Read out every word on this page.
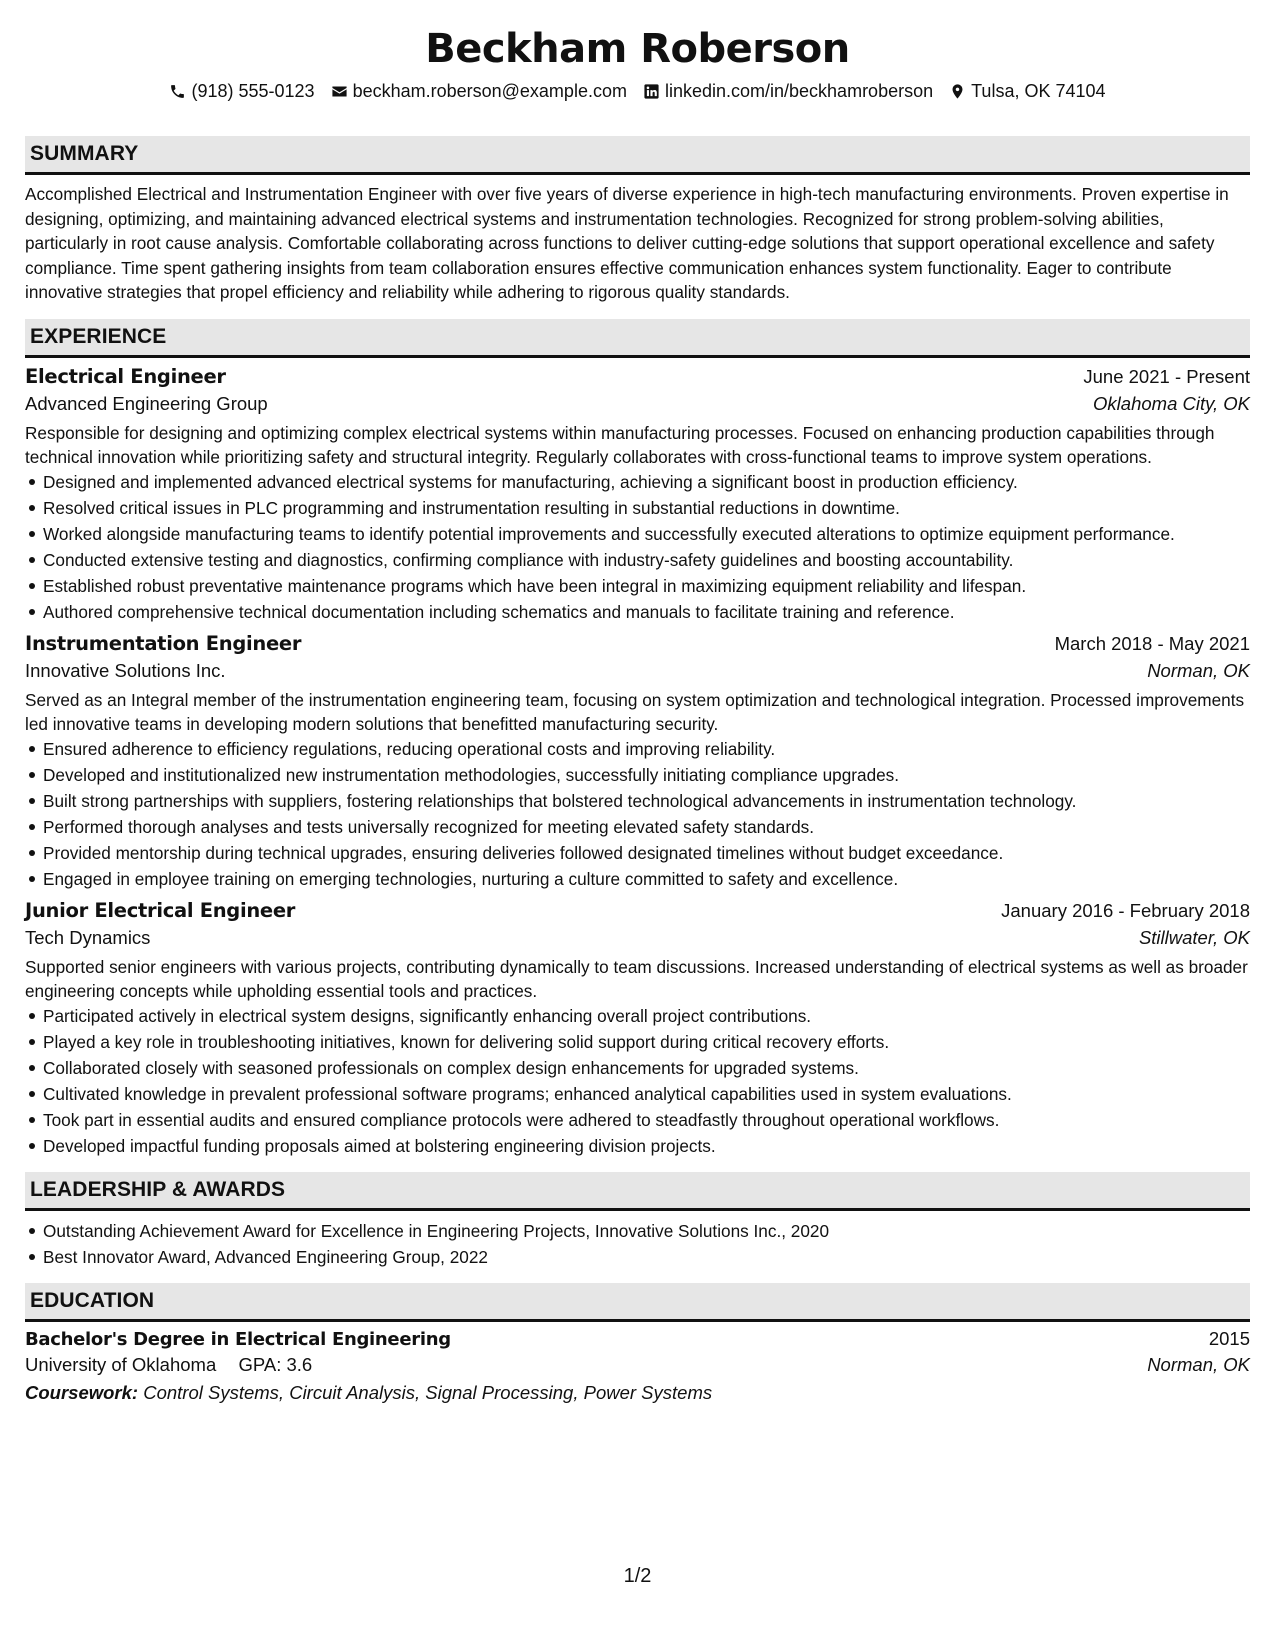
Beckham Roberson
(918) 555-0123 beckham.roberson@example.com linkedin.com/in/beckhamroberson Tulsa, OK 74104
SUMMARY

Accomplished Electrical and Instrumentation Engineer with over five years of diverse experience in high-tech manufacturing environments. Proven expertise in designing, optimizing, and maintaining advanced electrical systems and instrumentation technologies. Recognized for strong problem-solving abilities, particularly in root cause analysis. Comfortable collaborating across functions to deliver cutting-edge solutions that support operational excellence and safety compliance. Time spent gathering insights from team collaboration ensures effective communication enhances system functionality. Eager to contribute innovative strategies that propel efficiency and reliability while adhering to rigorous quality standards.

EXPERIENCE
Electrical Engineer	June 2021 - Present
Advanced Engineering Group	Oklahoma City, OK

Responsible for designing and optimizing complex electrical systems within manufacturing processes. Focused on enhancing production capabilities through technical innovation while prioritizing safety and structural integrity. Regularly collaborates with cross-functional teams to improve system operations.

Designed and implemented advanced electrical systems for manufacturing, achieving a significant boost in production efficiency.
Resolved critical issues in PLC programming and instrumentation resulting in substantial reductions in downtime.
Worked alongside manufacturing teams to identify potential improvements and successfully executed alterations to optimize equipment performance.
Conducted extensive testing and diagnostics, confirming compliance with industry-safety guidelines and boosting accountability.
Established robust preventative maintenance programs which have been integral in maximizing equipment reliability and lifespan.
Authored comprehensive technical documentation including schematics and manuals to facilitate training and reference.
Instrumentation Engineer	March 2018 - May 2021
Innovative Solutions Inc.	Norman, OK

Served as an Integral member of the instrumentation engineering team, focusing on system optimization and technological integration. Processed improvements led innovative teams in developing modern solutions that benefitted manufacturing security.

Ensured adherence to efficiency regulations, reducing operational costs and improving reliability.
Developed and institutionalized new instrumentation methodologies, successfully initiating compliance upgrades.
Built strong partnerships with suppliers, fostering relationships that bolstered technological advancements in instrumentation technology.
Performed thorough analyses and tests universally recognized for meeting elevated safety standards.
Provided mentorship during technical upgrades, ensuring deliveries followed designated timelines without budget exceedance.
Engaged in employee training on emerging technologies, nurturing a culture committed to safety and excellence.
Junior Electrical Engineer	January 2016 - February 2018
Tech Dynamics	Stillwater, OK

Supported senior engineers with various projects, contributing dynamically to team discussions. Increased understanding of electrical systems as well as broader engineering concepts while upholding essential tools and practices.

Participated actively in electrical system designs, significantly enhancing overall project contributions.
Played a key role in troubleshooting initiatives, known for delivering solid support during critical recovery efforts.
Collaborated closely with seasoned professionals on complex design enhancements for upgraded systems.
Cultivated knowledge in prevalent professional software programs; enhanced analytical capabilities used in system evaluations.
Took part in essential audits and ensured compliance protocols were adhered to steadfastly throughout operational workflows.
Developed impactful funding proposals aimed at bolstering engineering division projects.
LEADERSHIP & AWARDS
Outstanding Achievement Award for Excellence in Engineering Projects, Innovative Solutions Inc., 2020
Best Innovator Award, Advanced Engineering Group, 2022
EDUCATION
Bachelor's Degree in Electrical Engineering	2015
University of Oklahoma GPA: 3.6	Norman, OK
Coursework: Control Systems, Circuit Analysis, Signal Processing, Power Systems
1/2
